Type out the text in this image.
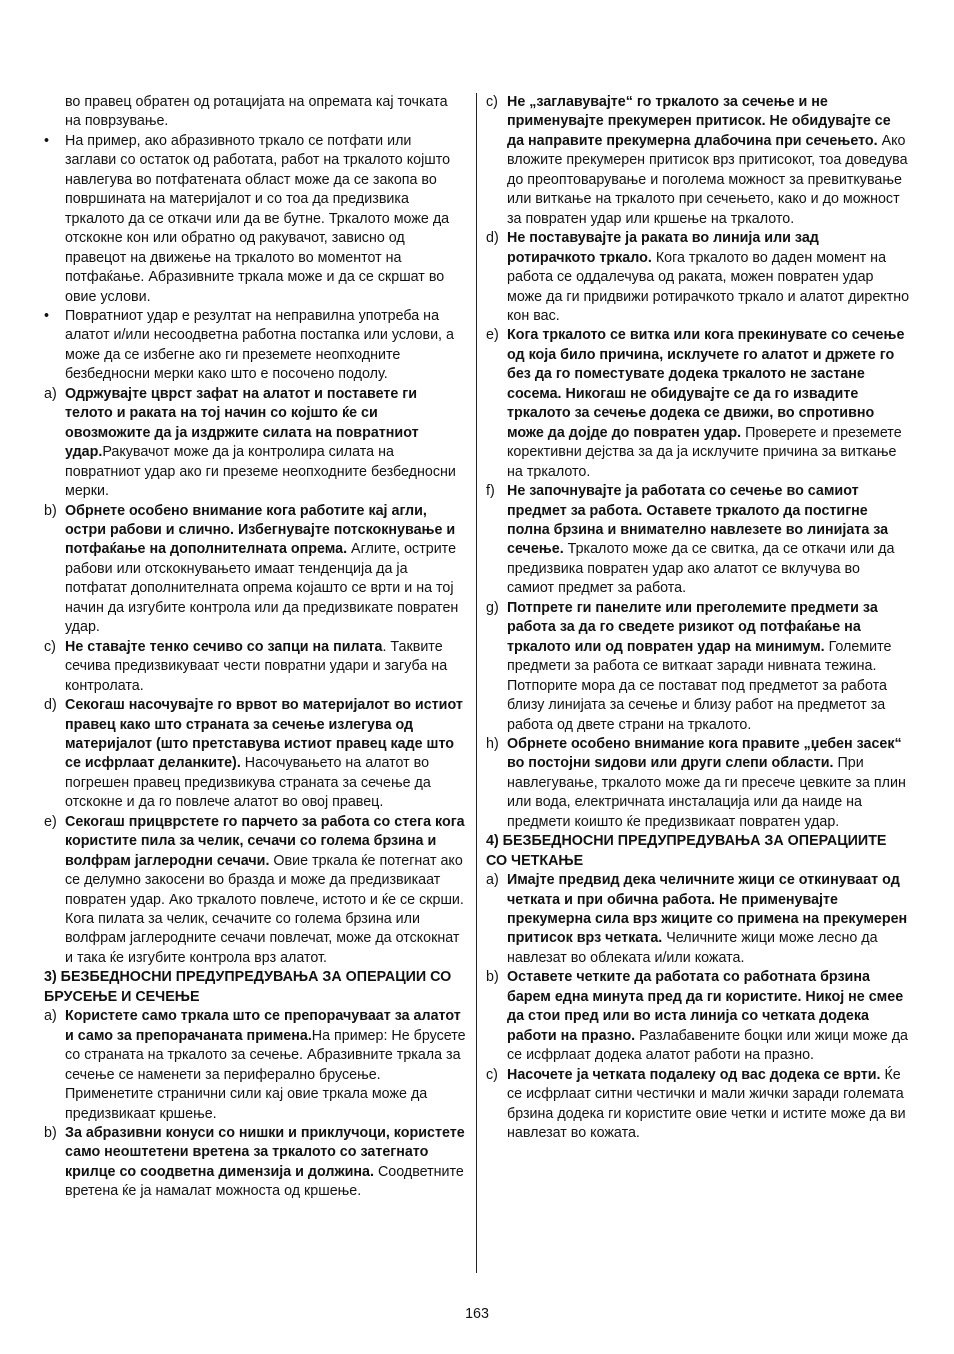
во правец обратен од ротацијата на опремата кај точката на поврзување.
• На пример, ако абразивното тркало се потфати или заглави со остаток од работата, работ на тркалото којшто навлегува во потфатената област може да се закопа во површината на материјалот и со тоа да предизвика тркалото да се откачи или да ве бутне. Тркалото може да отскокне кон или обратно од ракувачот, зависно од правецот на движење на тркалото во моментот на потфаќање. Абразивните тркала може и да се скршат во овие услови.
• Повратниот удар е резултат на неправилна употреба на алатот и/или несоодветна работна постапка или услови, а може да се избегне ако ги преземете неопходните безбедносни мерки како што е посочено подолу.
a) Одржувајте цврст зафат на алатот и поставете ги телото и раката на тој начин со којшто ќе си овозможите да ја издржите силата на повратниот удар.Ракувачот може да ја контролира силата на повратниот удар ако ги преземе неопходните безбедносни мерки.
b) Обрнете особено внимание кога работите кај агли, остри рабови и слично. Избегнувајте потскокнување и потфаќање на дополнителната опрема. Аглите, острите рабови или отскокнувањето имаат тенденција да ја потфатат дополнителната опрема којашто се врти и на тој начин да изгубите контрола или да предизвикате повратен удар.
c) Не ставајте тенко сечиво со запци на пилата. Таквите сечива предизвикуваат чести повратни удари и загуба на контролата.
d) Секогаш насочувајте го врвот во материјалот во истиот правец како што страната за сечење излегува од материјалот (што претставува истиот правец каде што се исфрлаат деланките). Насочувањето на алатот во погрешен правец предизвикува страната за сечење да отскокне и да го повлече алатот во овој правец.
e) Секогаш прицврстете го парчето за работа со стега кога користите пила за челик, сечачи со голема брзина и волфрам јаглеродни сечачи. Овие тркала ќе потегнат ако се делумно закосени во бразда и може да предизвикаат повратен удар. Ако тркалото повлече, истото и ќе се скрши. Кога пилата за челик, сечачите со голема брзина или волфрам јаглеродните сечачи повлечат, може да отскокнат и така ќе изгубите контрола врз алатот.
3) БЕЗБЕДНОСНИ ПРЕДУПРЕДУВАЊА ЗА ОПЕРАЦИИ СО БРУСЕЊЕ И СЕЧЕЊЕ
a) Користете само тркала што се препорачуваат за алатот и само за препорачаната примена.На пример: Не брусете со страната на тркалото за сечење. Абразивните тркала за сечење се наменети за периферално брусење. Применетите странични сили кај овие тркала може да предизвикаат кршење.
b) За абразивни конуси со нишки и приклучоци, користете само неоштетени вретена за тркалото со затегнато крилце со соодветна димензија и должина. Соодветните вретена ќе ја намалат можноста од кршење.
c) Не „заглавувајте“ го тркалото за сечење и не применувајте прекумерен притисок. Не обидувајте се да направите прекумерна длабочина при сечењето. Ако вложите прекумерен притисок врз притисокот, тоа доведува до преоптоварување и поголема можност за превиткување или виткање на тркалото при сечењето, како и до можност за повратен удар или кршење на тркалото.
d) Не поставувајте ја раката во линија или зад ротирачкото тркало. Кога тркалото во даден момент на работа се оддалечува од раката, можен повратен удар може да ги придвижи ротирачкото тркало и алатот директно кон вас.
e) Кога тркалото се витка или кога прекинувате со сечење од која било причина, исклучете го алатот и држете го без да го поместувате додека тркалото не застане сосема. Никогаш не обидувајте се да го извадите тркалото за сечење додека се движи, во спротивно може да дојде до повратен удар. Проверете и преземете корективни дејства за да ја исклучите причина за виткање на тркалото.
f) Не започнувајте ја работата со сечење во самиот предмет за работа. Оставете тркалото да постигне полна брзина и внимателно навлезете во линијата за сечење. Тркалото може да се свитка, да се откачи или да предизвика повратен удар ако алатот се вклучува во самиот предмет за работа.
g) Потпрете ги панелите или преголемите предмети за работа за да го сведете ризикот од потфаќање на тркалото или од повратен удар на минимум. Големите предмети за работа се виткаат заради нивната тежина. Потпорите мора да се постават под предметот за работа близу линијата за сечење и близу работ на предметот за работа од двете страни на тркалото.
h) Обрнете особено внимание кога правите „џебен засек“ во постојни ѕидови или други слепи области. При навлегување, тркалото може да ги пресече цевките за плин или вода, електричната инсталација или да наиде на предмети коишто ќе предизвикаат повратен удар.
4) БЕЗБЕДНОСНИ ПРЕДУПРЕДУВАЊА ЗА ОПЕРАЦИИТЕ СО ЧЕТКАЊЕ
a) Имајте предвид дека челичните жици се откинуваат од четката и при обична работа. Не применувајте прекумерна сила врз жиците со примена на прекумерен притисок врз четката. Челичните жици може лесно да навлезат во облеката и/или кожата.
b) Оставете четките да работата со работната брзина барем една минута пред да ги користите. Никој не смее да стои пред или во иста линија со четката додека работи на празно. Разлабавените боцки или жици може да се исфрлаат додека алатот работи на празно.
c) Насочете ја четката подалеку од вас додека се врти. Ќе се исфрлаат ситни честички и мали жички заради големата брзина додека ги користите овие четки и истите може да ви навлезат во кожата.
163
